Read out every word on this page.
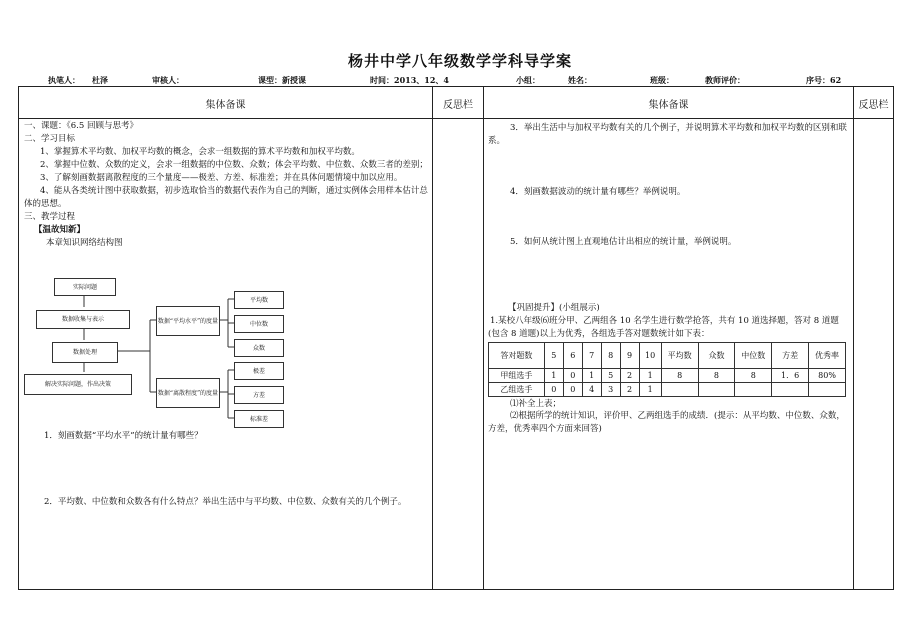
杨井中学八年级数学学科导学案
执笔人： 杜泽	审核人：	课型：新授课	时间：2013、12、4	小组：	姓名：	班级：	教师评价：	序号：62
集体备课	反思栏	集体备课	反思栏

一、课题：《6.5 回顾与思考》

二、学习目标

1、掌握算术平均数、加权平均数的概念，会求一组数据的算术平均数和加权平均数。

2、掌握中位数、众数的定义，会求一组数据的中位数、众数；体会平均数、中位数、众数三者的差别；

3、了解刻画数据离散程度的三个量度——极差、方差、标准差；并在具体问题情境中加以应用。

4、能从各类统计图中获取数据，初步选取恰当的数据代表作为自己的判断，通过实例体会用样本估计总体的思想。

三、教学过程

【温故知新】

本章知识网络结构图

实际问题
数据收集与表示
数据处理
解决实际问题，作出决策
数据“平均水平”的度量
数据“离散程度”的度量
平均数
中位数
众数
极差
方差
标准差
1．刻画数据“平均水平”的统计量有哪些？
2．平均数、中位数和众数各有什么特点？举出生活中与平均数、中位数、众数有关的几个例子。
3．举出生活中与加权平均数有关的几个例子，并说明算术平均数和加权平均数的区别和联系。
4．刻画数据波动的统计量有哪些？举例说明。
5．如何从统计图上直观地估计出相应的统计量，举例说明。
【巩固提升】(小组展示)
1.某校八年级⑹班分甲、乙两组各 10 名学生进行数学抢答，共有 10 道选择题，答对 8 道题(包含 8 道题)以上为优秀，各组选手答对题数统计如下表：
答对题数	5	6	7	8	9	10	平均数	众数	中位数	方差	优秀率
甲组选手	1	0	1	5	2	1	8	8	8	1．6	80%
乙组选手	0	0	4	3	2	1					
⑴补全上表；
⑵根据所学的统计知识，评价甲、乙两组选手的成绩．(提示：从平均数、中位数、众数，方差，优秀率四个方面来回答)
